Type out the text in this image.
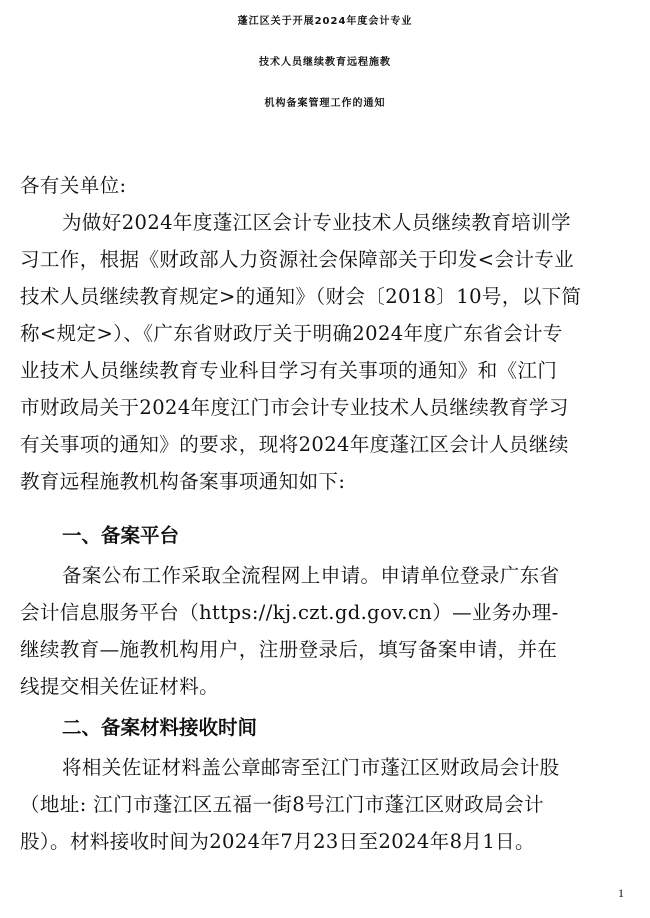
蓬江区关于开展2024年度会计专业
技术人员继续教育远程施教
机构备案管理工作的通知
各有关单位:
为做好2024年度蓬江区会计专业技术人员继续教育培训学
习工作，根据《财政部人力资源社会保障部关于印发<会计专业
技术人员继续教育规定>的通知》（财会〔2018〕10号，以下简
称<规定>）、《广东省财政厅关于明确2024年度广东省会计专
业技术人员继续教育专业科目学习有关事项的通知》和《江门
市财政局关于2024年度江门市会计专业技术人员继续教育学习
有关事项的通知》的要求，现将2024年度蓬江区会计人员继续
教育远程施教机构备案事项通知如下:
一、备案平台
备案公布工作采取全流程网上申请。申请单位登录广东省
会计信息服务平台（https://kj.czt.gd.gov.cn）—业务办理-
继续教育—施教机构用户，注册登录后，填写备案申请，并在
线提交相关佐证材料。
二、备案材料接收时间
将相关佐证材料盖公章邮寄至江门市蓬江区财政局会计股
（地址: 江门市蓬江区五福一街8号江门市蓬江区财政局会计
股）。材料接收时间为2024年7月23日至2024年8月1日。
1
